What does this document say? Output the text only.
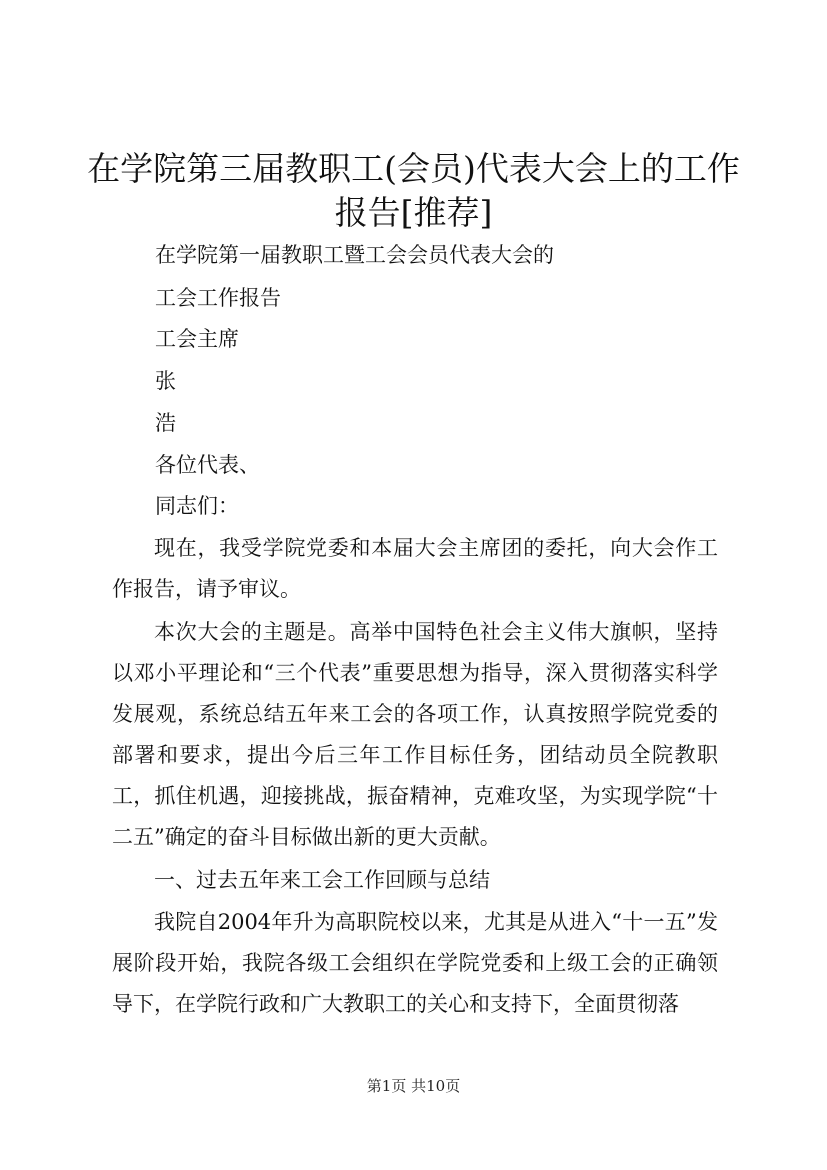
在学院第三届教职工(会员)代表大会上的工作
报告[推荐]
在学院第一届教职工暨工会会员代表大会的
工会工作报告
工会主席
张
浩
各位代表、
同志们：
现在，我受学院党委和本届大会主席团的委托，向大会作工作报告，请予审议。
本次大会的主题是。高举中国特色社会主义伟大旗帜，坚持以邓小平理论和“三个代表”重要思想为指导，深入贯彻落实科学发展观，系统总结五年来工会的各项工作，认真按照学院党委的部署和要求，提出今后三年工作目标任务，团结动员全院教职工，抓住机遇，迎接挑战，振奋精神，克难攻坚，为实现学院“十二五”确定的奋斗目标做出新的更大贡献。
一、过去五年来工会工作回顾与总结
我院自2004年升为高职院校以来，尤其是从进入“十一五”发展阶段开始，我院各级工会组织在学院党委和上级工会的正确领导下，在学院行政和广大教职工的关心和支持下，全面贯彻落
第1页 共10页
